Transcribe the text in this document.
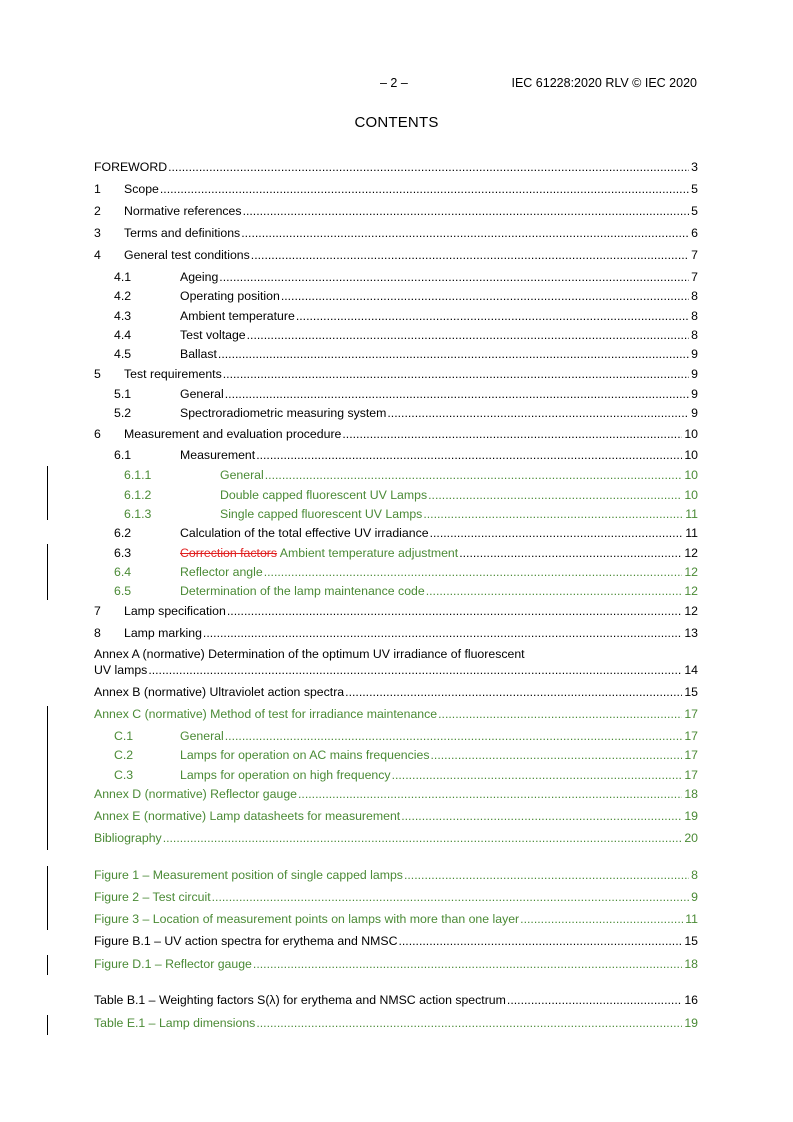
– 2 –	IEC 61228:2020 RLV © IEC 2020
CONTENTS
FOREWORD .....	3
1 Scope .....	5
2 Normative references .....	5
3 Terms and definitions .....	6
4 General test conditions .....	7
4.1	Ageing .....	7
4.2	Operating position .....	8
4.3	Ambient temperature .....	8
4.4	Test voltage .....	8
4.5	Ballast .....	9
5 Test requirements .....	9
5.1	General .....	9
5.2	Spectroradiometric measuring system .....	9
6 Measurement and evaluation procedure .....	10
6.1	Measurement .....	10
6.1.1	General .....	10
6.1.2	Double capped fluorescent UV Lamps .....	10
6.1.3	Single capped fluorescent UV Lamps .....	11
6.2	Calculation of the total effective UV irradiance .....	11
6.3	Correction factors Ambient temperature adjustment .....	12
6.4	Reflector angle .....	12
6.5	Determination of the lamp maintenance code .....	12
7 Lamp specification .....	12
8 Lamp marking .....	13
Annex A (normative) Determination of the optimum UV irradiance of fluorescent
UV lamps .....	14
Annex B (normative) Ultraviolet action spectra .....	15
Annex C (normative) Method of test for irradiance maintenance .....	17
C.1	General .....	17
C.2	Lamps for operation on AC mains frequencies .....	17
C.3	Lamps for operation on high frequency .....	17
Annex D (normative) Reflector gauge .....	18
Annex E (normative) Lamp datasheets for measurement .....	19
Bibliography .....	20
Figure 1 – Measurement position of single capped lamps .....	8
Figure 2 – Test circuit .....	9
Figure 3 – Location of measurement points on lamps with more than one layer .....	11
Figure B.1 – UV action spectra for erythema and NMSC .....	15
Figure D.1 – Reflector gauge .....	18
Table B.1 – Weighting factors S(λ) for erythema and NMSC action spectrum .....	16
Table E.1 – Lamp dimensions .....	19
